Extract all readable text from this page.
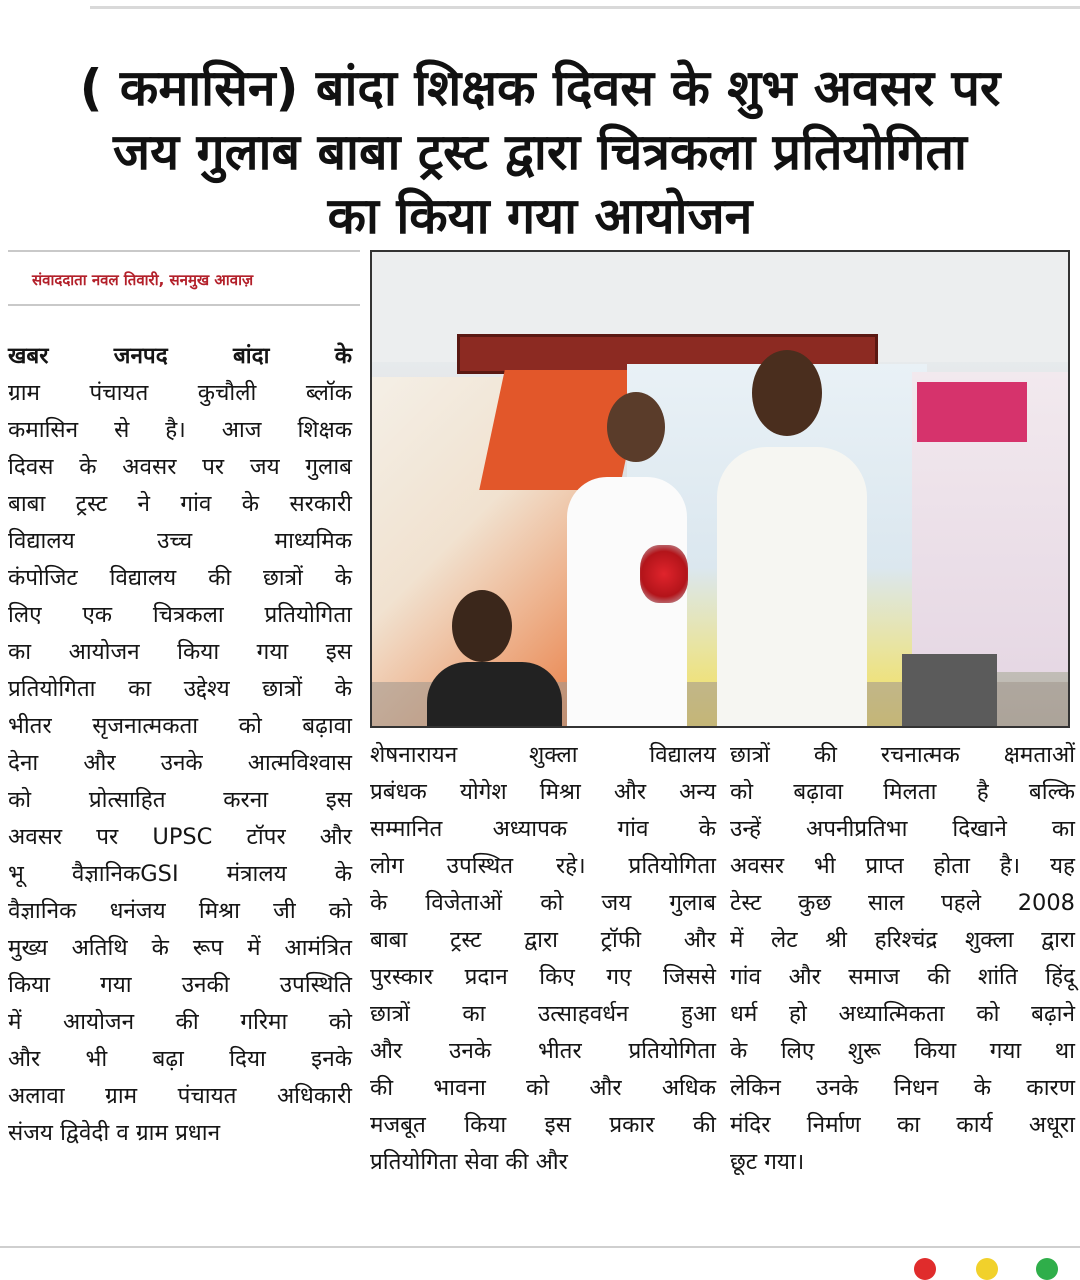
( कमासिन) बांदा शिक्षक दिवस के शुभ अवसर पर
जय गुलाब बाबा ट्रस्ट द्वारा चित्रकला प्रतियोगिता
का किया गया आयोजन
संवाददाता नवल तिवारी, सनमुख आवाज़
खबर जनपद बांदा के
ग्राम पंचायत कुचौली ब्लॉक
कमासिन से है। आज शिक्षक
दिवस के अवसर पर जय गुलाब
बाबा ट्रस्ट ने गांव के सरकारी
विद्यालय उच्च माध्यमिक
कंपोजिट विद्यालय की छात्रों के
लिए एक चित्रकला प्रतियोगिता
का आयोजन किया गया इस
प्रतियोगिता का उद्देश्य छात्रों के
भीतर सृजनात्मकता को बढ़ावा
देना और उनके आत्मविश्वास
को प्रोत्साहित करना इस
अवसर पर UPSC टॉपर और
भू वैज्ञानिकGSI मंत्रालय के
वैज्ञानिक धनंजय मिश्रा जी को
मुख्य अतिथि के रूप में आमंत्रित
किया गया उनकी उपस्थिति
में आयोजन की गरिमा को
और भी बढ़ा दिया इनके
अलावा ग्राम पंचायत अधिकारी
संजय द्विवेदी व ग्राम प्रधान
शेषनारायन शुक्ला विद्यालय
प्रबंधक योगेश मिश्रा और अन्य
सम्मानित अध्यापक गांव के
लोग उपस्थित रहे। प्रतियोगिता
के विजेताओं को जय गुलाब
बाबा ट्रस्ट द्वारा ट्रॉफी और
पुरस्कार प्रदान किए गए जिससे
छात्रों का उत्साहवर्धन हुआ
और उनके भीतर प्रतियोगिता
की भावना को और अधिक
मजबूत किया इस प्रकार की
प्रतियोगिता सेवा की और
छात्रों की रचनात्मक क्षमताओं
को बढ़ावा मिलता है बल्कि
उन्हें अपनीप्रतिभा दिखाने का
अवसर भी प्राप्त होता है। यह
टेस्ट कुछ साल पहले 2008
में लेट श्री हरिश्चंद्र शुक्ला द्वारा
गांव और समाज की शांति हिंदू
धर्म हो अध्यात्मिकता को बढ़ाने
के लिए शुरू किया गया था
लेकिन उनके निधन के कारण
मंदिर निर्माण का कार्य अधूरा
छूट गया।
